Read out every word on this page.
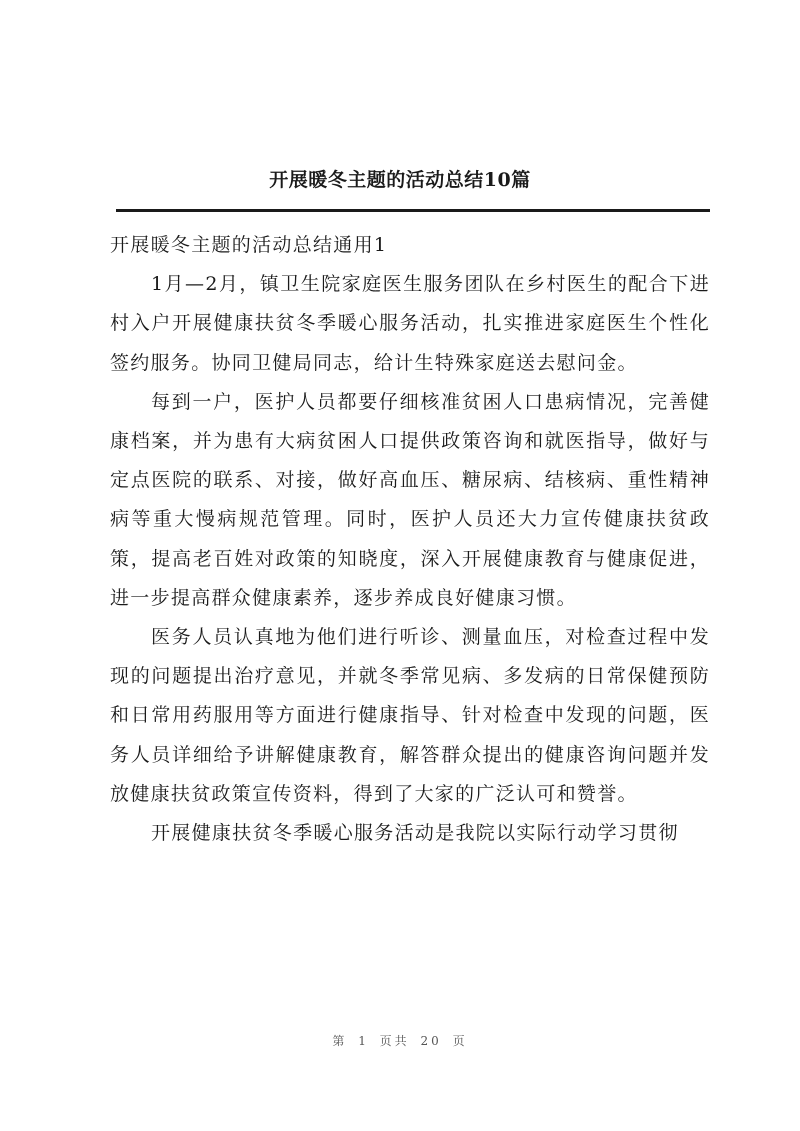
开展暖冬主题的活动总结10篇

开展暖冬主题的活动总结通用1

1月—2月，镇卫生院家庭医生服务团队在乡村医生的配合下进村入户开展健康扶贫冬季暖心服务活动，扎实推进家庭医生个性化签约服务。协同卫健局同志，给计生特殊家庭送去慰问金。

每到一户，医护人员都要仔细核准贫困人口患病情况，完善健康档案，并为患有大病贫困人口提供政策咨询和就医指导，做好与定点医院的联系、对接，做好高血压、糖尿病、结核病、重性精神病等重大慢病规范管理。同时，医护人员还大力宣传健康扶贫政策，提高老百姓对政策的知晓度，深入开展健康教育与健康促进，进一步提高群众健康素养，逐步养成良好健康习惯。

医务人员认真地为他们进行听诊、测量血压，对检查过程中发现的问题提出治疗意见，并就冬季常见病、多发病的日常保健预防和日常用药服用等方面进行健康指导、针对检查中发现的问题，医务人员详细给予讲解健康教育，解答群众提出的健康咨询问题并发放健康扶贫政策宣传资料，得到了大家的广泛认可和赞誉。

开展健康扶贫冬季暖心服务活动是我院以实际行动学习贯彻

第 1 页共 20 页
